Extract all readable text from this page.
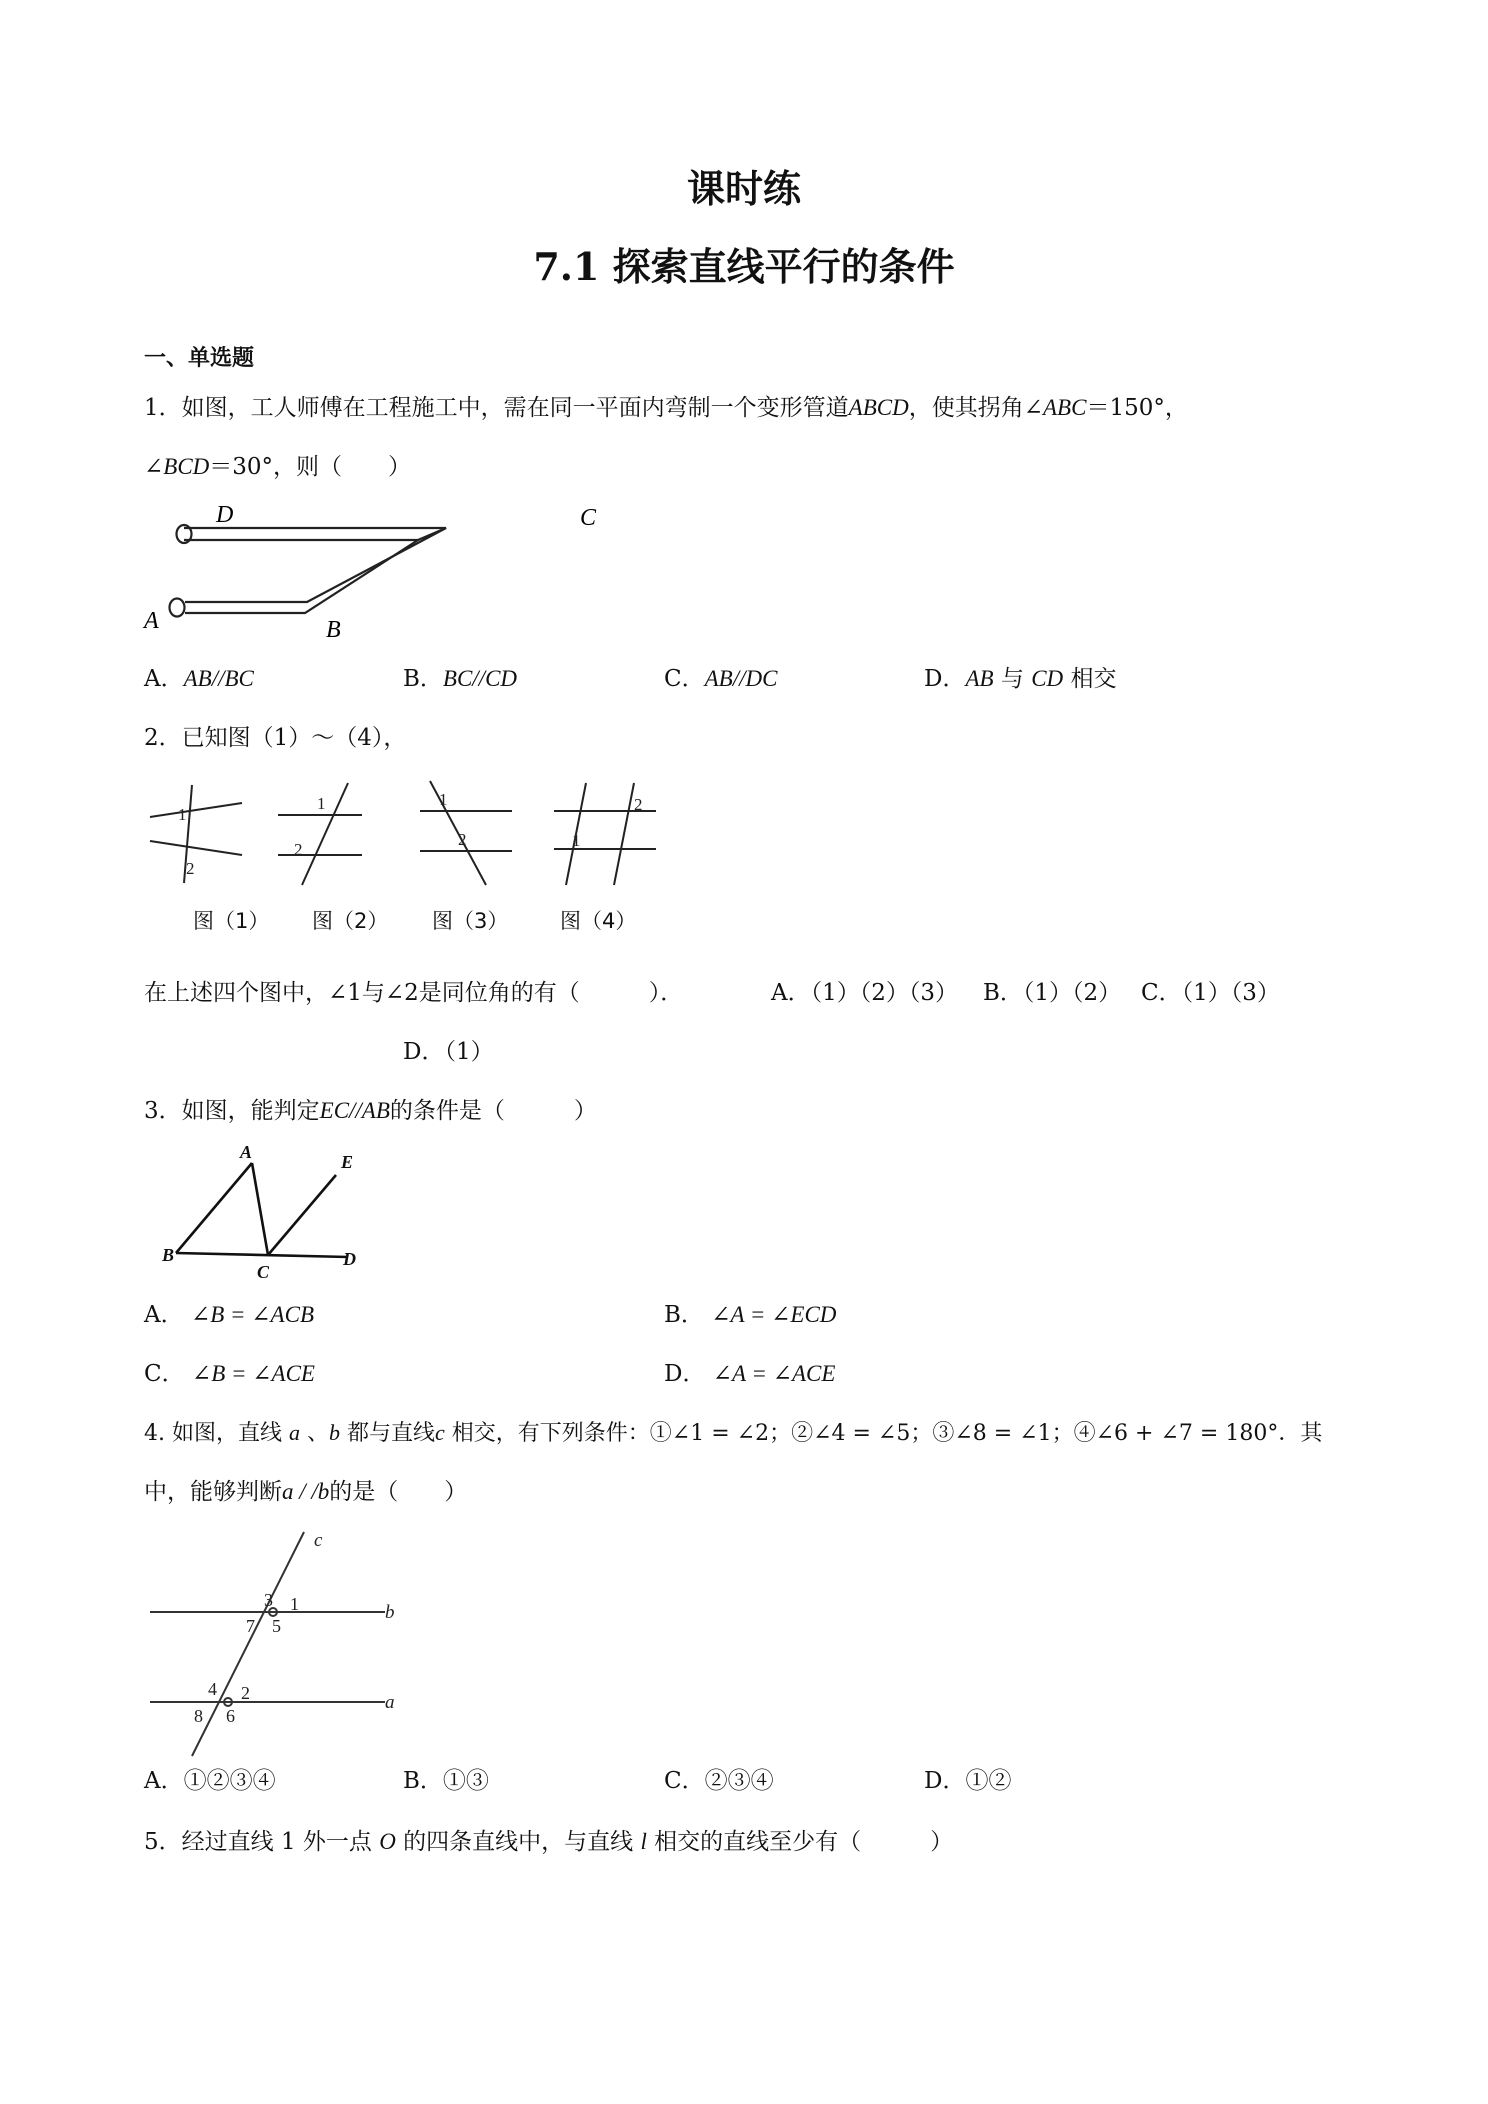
课时练
7.1 探索直线平行的条件
一、单选题
1．如图，工人师傅在工程施工中，需在同一平面内弯制一个变形管道ABCD，使其拐角∠ABC＝150°，
∠BCD＝30°，则（　　）
D	C
A	B
A．AB//BC	B．BC//CD	C．AB//DC	D．AB 与 CD 相交
2．已知图（1）～（4），
1
2
1
2
1
2	1
2
图（1） 图（2） 图（3） 图（4）
在上述四个图中，∠1与∠2是同位角的有（　　　）．	A．（1）（2）（3） B．（1）（2） C．（1）（3）
D．（1）
3．如图，能判定EC//AB的条件是（　　　）
A	E
B
C
D
A． ∠B = ∠ACB	B． ∠A = ∠ECD
C． ∠B = ∠ACE	D． ∠A = ∠ACE
4. 如图，直线 a 、b 都与直线c 相交，有下列条件：①∠1 = ∠2；②∠4 = ∠5；③∠8 = ∠1；④∠6 + ∠7 = 180°．其
中，能够判断a / /b的是（　　）
c
b
a
3 1
7 5
4 2
8 6
A．①②③④	B．①③	C．②③④	D．①②
5．经过直线 1 外一点 O 的四条直线中，与直线 l 相交的直线至少有（　　　）
